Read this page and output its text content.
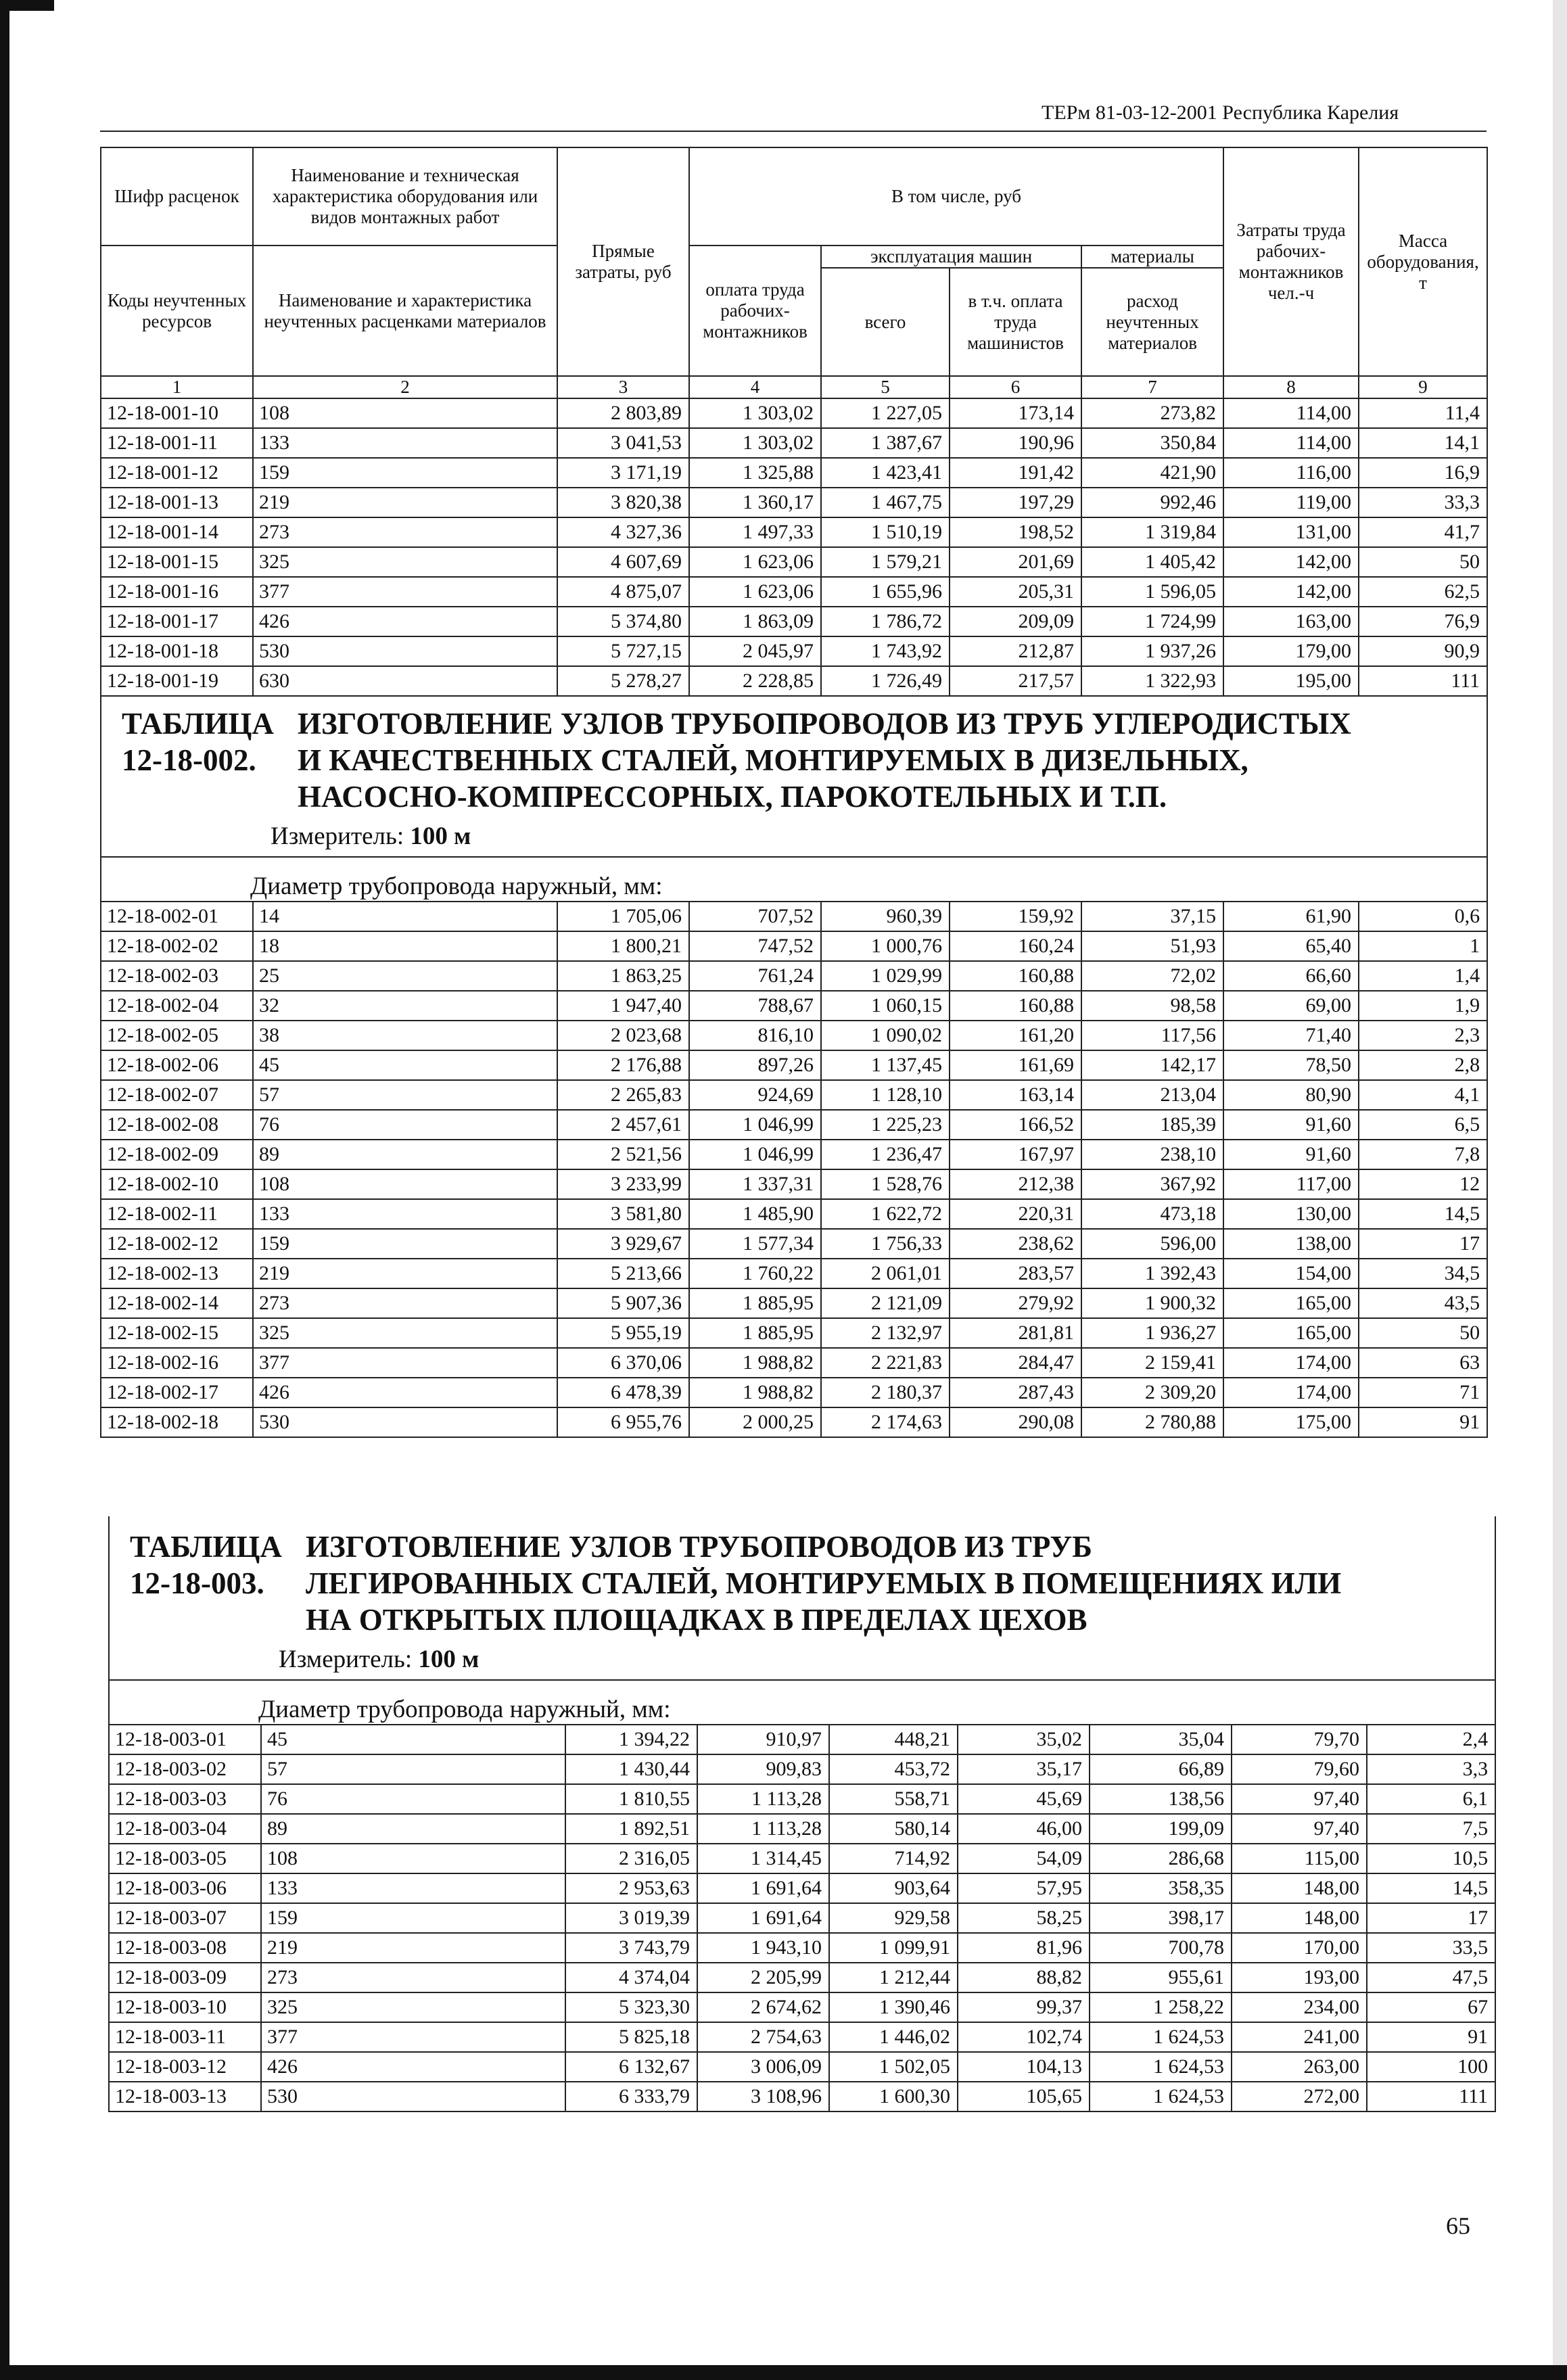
ТЕРм 81-03-12-2001 Республика Карелия
Шифр расценок	Наименование и техническая характеристика оборудования или видов монтажных работ	Прямые затраты, руб	В том числе, руб				Затраты труда рабочих-монтажников чел.-ч	Масса оборудования, т
Коды неучтенных ресурсов	Наименование и характеристика неучтенных расценками материалов		оплата труда рабочих-монтажников	эксплуатация машин		материалы		
				всего	в т.ч. оплата труда машинистов	расход неучтенных материалов		

1	2	3	4	5	6	7	8	9
12-18-001-10	108	2 803,89	1 303,02	1 227,05	173,14	273,82	114,00	11,4
12-18-001-11	133	3 041,53	1 303,02	1 387,67	190,96	350,84	114,00	14,1
12-18-001-12	159	3 171,19	1 325,88	1 423,41	191,42	421,90	116,00	16,9
12-18-001-13	219	3 820,38	1 360,17	1 467,75	197,29	992,46	119,00	33,3
12-18-001-14	273	4 327,36	1 497,33	1 510,19	198,52	1 319,84	131,00	41,7
12-18-001-15	325	4 607,69	1 623,06	1 579,21	201,69	1 405,42	142,00	50
12-18-001-16	377	4 875,07	1 623,06	1 655,96	205,31	1 596,05	142,00	62,5
12-18-001-17	426	5 374,80	1 863,09	1 786,72	209,09	1 724,99	163,00	76,9
12-18-001-18	530	5 727,15	2 045,97	1 743,92	212,87	1 937,26	179,00	90,9
12-18-001-19	630	5 278,27	2 228,85	1 726,49	217,57	1 322,93	195,00	111
ТАБЛИЦА 12-18-002.ИЗГОТОВЛЕНИЕ УЗЛОВ ТРУБОПРОВОДОВ ИЗ ТРУБ УГЛЕРОДИСТЫХ И КАЧЕСТВЕННЫХ СТАЛЕЙ, МОНТИРУЕМЫХ В ДИЗЕЛЬНЫХ, НАСОСНО-КОМПРЕССОРНЫХ, ПАРОКОТЕЛЬНЫХ И Т.П.
Измеритель: 100 м								

Диаметр трубопровода наружный, мм:								
12-18-002-01	14	1 705,06	707,52	960,39	159,92	37,15	61,90	0,6
12-18-002-02	18	1 800,21	747,52	1 000,76	160,24	51,93	65,40	1
12-18-002-03	25	1 863,25	761,24	1 029,99	160,88	72,02	66,60	1,4
12-18-002-04	32	1 947,40	788,67	1 060,15	160,88	98,58	69,00	1,9
12-18-002-05	38	2 023,68	816,10	1 090,02	161,20	117,56	71,40	2,3
12-18-002-06	45	2 176,88	897,26	1 137,45	161,69	142,17	78,50	2,8
12-18-002-07	57	2 265,83	924,69	1 128,10	163,14	213,04	80,90	4,1
12-18-002-08	76	2 457,61	1 046,99	1 225,23	166,52	185,39	91,60	6,5
12-18-002-09	89	2 521,56	1 046,99	1 236,47	167,97	238,10	91,60	7,8
12-18-002-10	108	3 233,99	1 337,31	1 528,76	212,38	367,92	117,00	12
12-18-002-11	133	3 581,80	1 485,90	1 622,72	220,31	473,18	130,00	14,5
12-18-002-12	159	3 929,67	1 577,34	1 756,33	238,62	596,00	138,00	17
12-18-002-13	219	5 213,66	1 760,22	2 061,01	283,57	1 392,43	154,00	34,5
12-18-002-14	273	5 907,36	1 885,95	2 121,09	279,92	1 900,32	165,00	43,5
12-18-002-15	325	5 955,19	1 885,95	2 132,97	281,81	1 936,27	165,00	50
12-18-002-16	377	6 370,06	1 988,82	2 221,83	284,47	2 159,41	174,00	63
12-18-002-17	426	6 478,39	1 988,82	2 180,37	287,43	2 309,20	174,00	71
12-18-002-18	530	6 955,76	2 000,25	2 174,63	290,08	2 780,88	175,00	91
ТАБЛИЦА 12-18-003.ИЗГОТОВЛЕНИЕ УЗЛОВ ТРУБОПРОВОДОВ ИЗ ТРУБ ЛЕГИРОВАННЫХ СТАЛЕЙ, МОНТИРУЕМЫХ В ПОМЕЩЕНИЯХ ИЛИ НА ОТКРЫТЫХ ПЛОЩАДКАХ В ПРЕДЕЛАХ ЦЕХОВ
Измеритель: 100 м								

Диаметр трубопровода наружный, мм:								
12-18-003-01	45	1 394,22	910,97	448,21	35,02	35,04	79,70	2,4
12-18-003-02	57	1 430,44	909,83	453,72	35,17	66,89	79,60	3,3
12-18-003-03	76	1 810,55	1 113,28	558,71	45,69	138,56	97,40	6,1
12-18-003-04	89	1 892,51	1 113,28	580,14	46,00	199,09	97,40	7,5
12-18-003-05	108	2 316,05	1 314,45	714,92	54,09	286,68	115,00	10,5
12-18-003-06	133	2 953,63	1 691,64	903,64	57,95	358,35	148,00	14,5
12-18-003-07	159	3 019,39	1 691,64	929,58	58,25	398,17	148,00	17
12-18-003-08	219	3 743,79	1 943,10	1 099,91	81,96	700,78	170,00	33,5
12-18-003-09	273	4 374,04	2 205,99	1 212,44	88,82	955,61	193,00	47,5
12-18-003-10	325	5 323,30	2 674,62	1 390,46	99,37	1 258,22	234,00	67
12-18-003-11	377	5 825,18	2 754,63	1 446,02	102,74	1 624,53	241,00	91
12-18-003-12	426	6 132,67	3 006,09	1 502,05	104,13	1 624,53	263,00	100
12-18-003-13	530	6 333,79	3 108,96	1 600,30	105,65	1 624,53	272,00	111
65
